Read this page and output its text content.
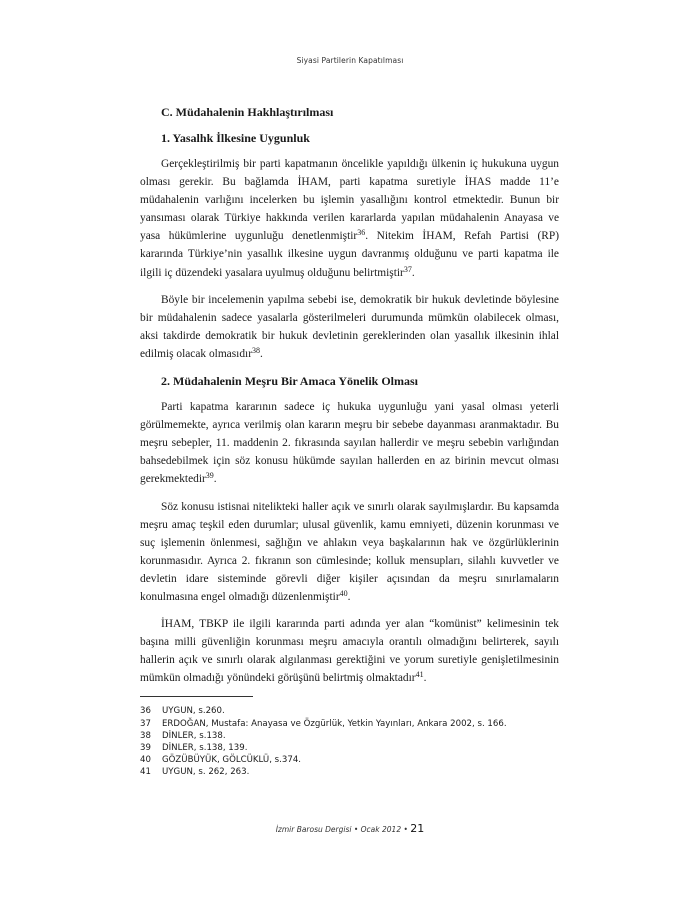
Siyasi Partilerin Kapatılması
C. Müdahalenin Hakhlaştırılması
1. Yasalhk İlkesine Uygunluk

Gerçekleştirilmiş bir parti kapatmanın öncelikle yapıldığı ülkenin iç hukukuna uygun olması gerekir. Bu bağlamda İHAM, parti kapatma suretiyle İHAS madde 11’e müdahalenin varlığını incelerken bu işlemin yasallığını kontrol etmektedir. Bunun bir yansıması olarak Türkiye hakkında verilen kararlarda yapılan müdahalenin Anayasa ve yasa hükümlerine uygunluğu denetlenmiştir$^{36}$. Nitekim İHAM, Refah Partisi (RP) kararında Türkiye’nin yasallık ilkesine uygun davranmış olduğunu ve parti kapatma ile ilgili iç düzendeki yasalara uyulmuş olduğunu belirtmiştir$^{37}$.

Böyle bir incelemenin yapılma sebebi ise, demokratik bir hukuk devletinde böylesine bir müdahalenin sadece yasalarla gösterilmeleri durumunda mümkün olabilecek olması, aksi takdirde demokratik bir hukuk devletinin gereklerinden olan yasallık ilkesinin ihlal edilmiş olacak olmasıdır$^{38}$.

2. Müdahalenin Meşru Bir Amaca Yönelik Olması

Parti kapatma kararının sadece iç hukuka uygunluğu yani yasal olması yeterli görülmemekte, ayrıca verilmiş olan kararın meşru bir sebebe dayanması aranmaktadır. Bu meşru sebepler, 11. maddenin 2. fıkrasında sayılan hallerdir ve meşru sebebin varlığından bahsedebilmek için söz konusu hükümde sayılan hallerden en az birinin mevcut olması gerekmektedir$^{39}$.

Söz konusu istisnai nitelikteki haller açık ve sınırlı olarak sayılmışlardır. Bu kapsamda meşru amaç teşkil eden durumlar; ulusal güvenlik, kamu emniyeti, düzenin korunması ve suç işlemenin önlenmesi, sağlığın ve ahlakın veya başkalarının hak ve özgürlüklerinin korunmasıdır. Ayrıca 2. fıkranın son cümlesinde; kolluk mensupları, silahlı kuvvetler ve devletin idare sisteminde görevli diğer kişiler açısından da meşru sınırlamaların konulmasına engel olmadığı düzenlenmiştir$^{40}$.

İHAM, TBKP ile ilgili kararında parti adında yer alan “komünist” kelimesinin tek başına milli güvenliğin korunması meşru amacıyla orantılı olmadığını belirterek, sayılı hallerin açık ve sınırlı olarak algılanması gerektiğini ve yorum suretiyle genişletilmesinin mümkün olmadığı yönündeki görüşünü belirtmiş olmaktadır$^{41}$.

36	UYGUN, s.260.
37	ERDOĞAN, Mustafa: Anayasa ve Özgürlük, Yetkin Yayınları, Ankara 2002, s. 166.
38	DİNLER, s.138.
39	DİNLER, s.138, 139.
40	GÖZÜBÜYÜK, GÖLCÜKLÜ, s.374.
41	UYGUN, s. 262, 263.
İzmir Barosu Dergisi • Ocak 2012 • 21
